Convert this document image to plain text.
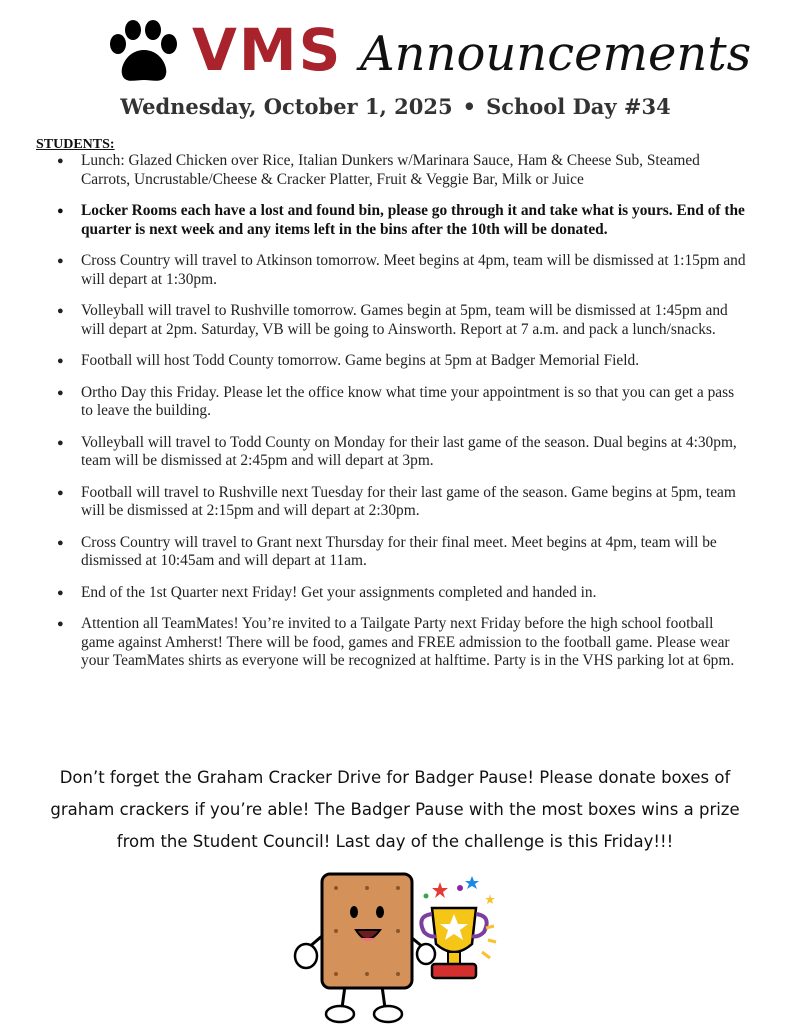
VMS Announcements
Wednesday, October 1, 2025 • School Day #34
STUDENTS:
● Lunch: Glazed Chicken over Rice, Italian Dunkers w/Marinara Sauce, Ham & Cheese Sub, Steamed Carrots, Uncrustable/Cheese & Cracker Platter, Fruit & Veggie Bar, Milk or Juice
● Locker Rooms each have a lost and found bin, please go through it and take what is yours. End of the quarter is next week and any items left in the bins after the 10th will be donated.
● Cross Country will travel to Atkinson tomorrow. Meet begins at 4pm, team will be dismissed at 1:15pm and will depart at 1:30pm.
● Volleyball will travel to Rushville tomorrow. Games begin at 5pm, team will be dismissed at 1:45pm and will depart at 2pm. Saturday, VB will be going to Ainsworth. Report at 7 a.m. and pack a lunch/snacks.
● Football will host Todd County tomorrow. Game begins at 5pm at Badger Memorial Field.
● Ortho Day this Friday. Please let the office know what time your appointment is so that you can get a pass to leave the building.
● Volleyball will travel to Todd County on Monday for their last game of the season. Dual begins at 4:30pm, team will be dismissed at 2:45pm and will depart at 3pm.
● Football will travel to Rushville next Tuesday for their last game of the season. Game begins at 5pm, team will be dismissed at 2:15pm and will depart at 2:30pm.
● Cross Country will travel to Grant next Thursday for their final meet. Meet begins at 4pm, team will be dismissed at 10:45am and will depart at 11am.
● End of the 1st Quarter next Friday! Get your assignments completed and handed in.
● Attention all TeamMates! You’re invited to a Tailgate Party next Friday before the high school football game against Amherst! There will be food, games and FREE admission to the football game. Please wear your TeamMates shirts as everyone will be recognized at halftime. Party is in the VHS parking lot at 6pm.
Don’t forget the Graham Cracker Drive for Badger Pause! Please donate boxes of graham crackers if you’re able! The Badger Pause with the most boxes wins a prize from the Student Council! Last day of the challenge is this Friday!!!
